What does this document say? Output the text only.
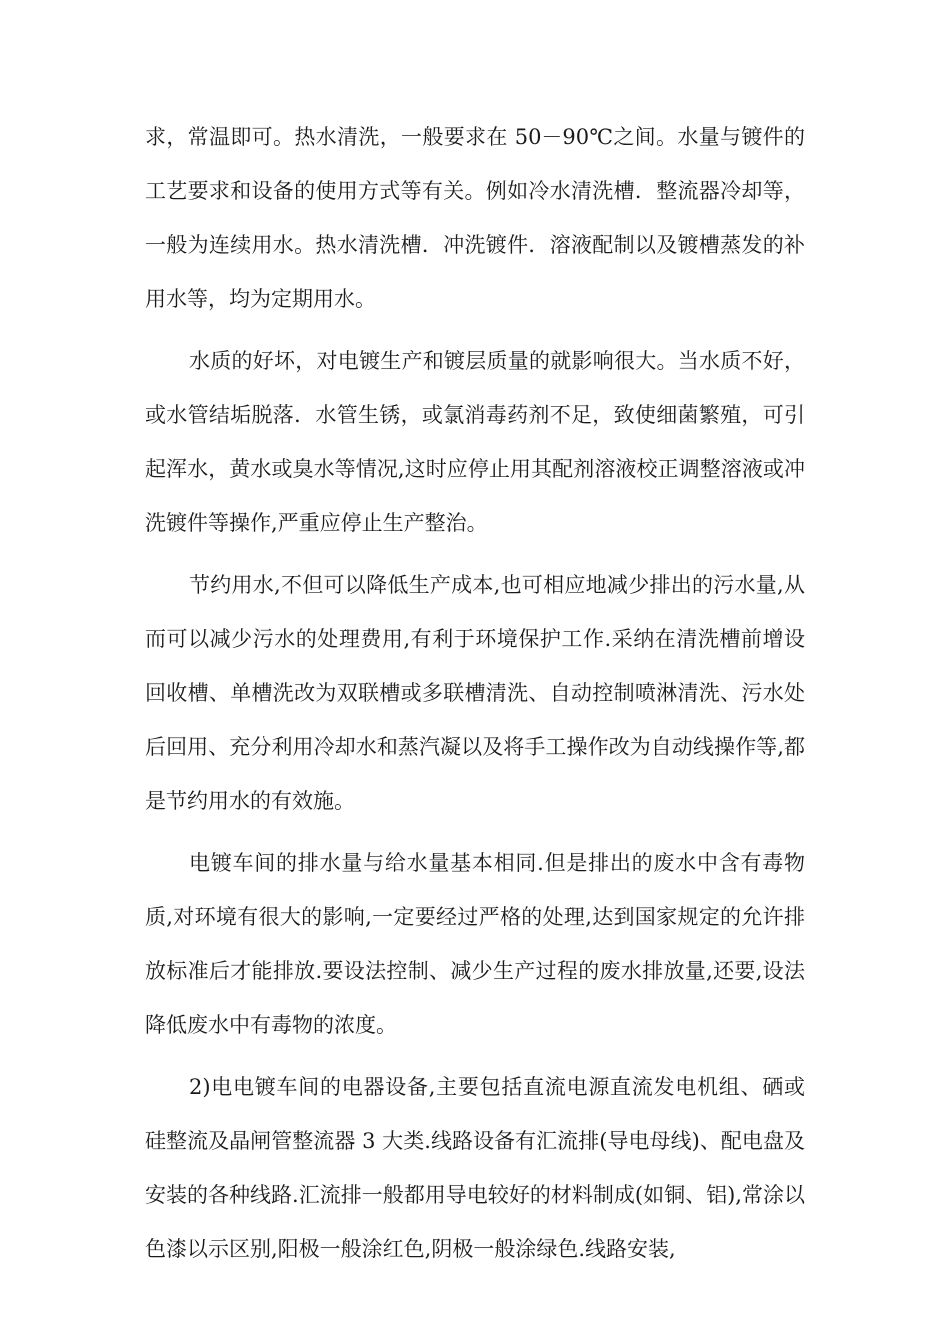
求，常温即可。热水清洗，一般要求在 50－90℃之间。水量与镀件的工艺要求和设备的使用方式等有关。例如冷水清洗槽．整流器冷却等，一般为连续用水。热水清洗槽．冲洗镀件．溶液配制以及镀槽蒸发的补用水等，均为定期用水。

水质的好坏，对电镀生产和镀层质量的就影响很大。当水质不好，或水管结垢脱落．水管生锈，或氯消毒药剂不足，致使细菌繁殖，可引起浑水，黄水或臭水等情况,这时应停止用其配剂溶液校正调整溶液或冲洗镀件等操作,严重应停止生产整治。

节约用水,不但可以降低生产成本,也可相应地减少排出的污水量,从而可以减少污水的处理费用,有利于环境保护工作.采纳在清洗槽前增设回收槽、单槽洗改为双联槽或多联槽清洗、自动控制喷淋清洗、污水处后回用、充分利用冷却水和蒸汽凝以及将手工操作改为自动线操作等,都是节约用水的有效施。

电镀车间的排水量与给水量基本相同.但是排出的废水中含有毒物质,对环境有很大的影响,一定要经过严格的处理,达到国家规定的允许排放标准后才能排放.要设法控制、减少生产过程的废水排放量,还要,设法降低废水中有毒物的浓度。

2)电电镀车间的电器设备,主要包括直流电源直流发电机组、硒或硅整流及晶闸管整流器 3 大类.线路设备有汇流排(导电母线)、配电盘及安装的各种线路.汇流排一般都用导电较好的材料制成(如铜、铝),常涂以色漆以示区别,阳极一般涂红色,阴极一般涂绿色.线路安装,
